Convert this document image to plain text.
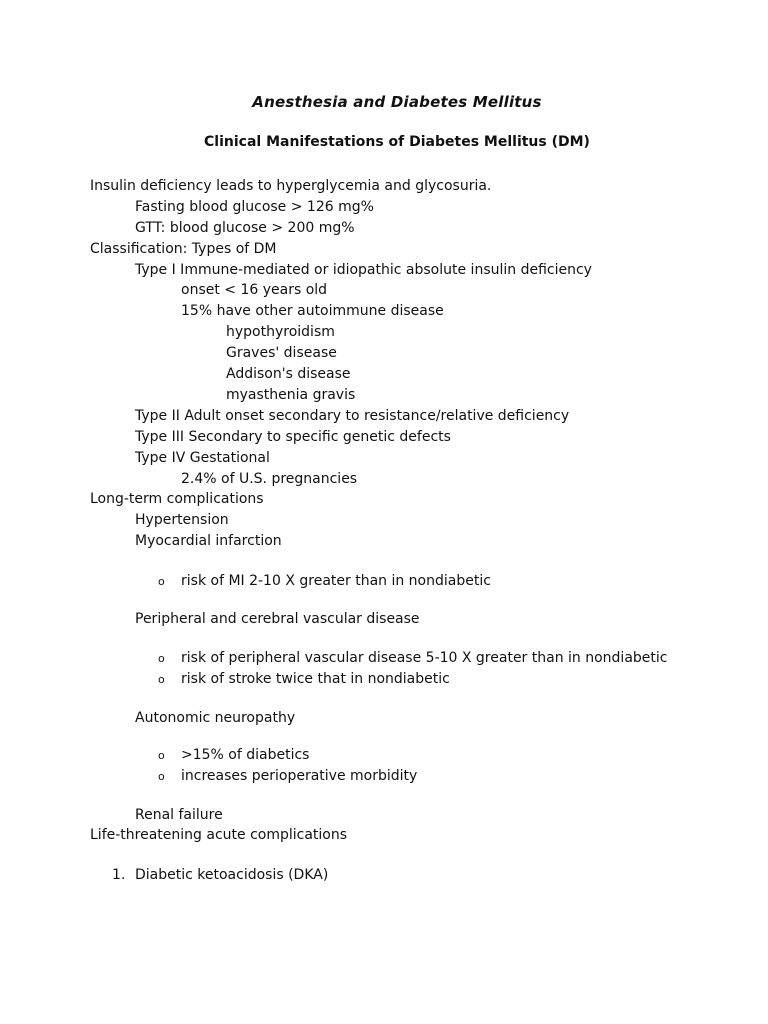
Anesthesia and Diabetes Mellitus
Clinical Manifestations of Diabetes Mellitus (DM)
Insulin deficiency leads to hyperglycemia and glycosuria.
Fasting blood glucose > 126 mg%
GTT: blood glucose > 200 mg%
Classification: Types of DM
Type I Immune-mediated or idiopathic absolute insulin deficiency
onset < 16 years old
15% have other autoimmune disease
hypothyroidism
Graves' disease
Addison's disease
myasthenia gravis
Type II Adult onset secondary to resistance/relative deficiency
Type III Secondary to specific genetic defects
Type IV Gestational
2.4% of U.S. pregnancies
Long-term complications
Hypertension
Myocardial infarction
o risk of MI 2-10 X greater than in nondiabetic
Peripheral and cerebral vascular disease
o risk of peripheral vascular disease 5-10 X greater than in nondiabetic
o risk of stroke twice that in nondiabetic
Autonomic neuropathy
o >15% of diabetics
o increases perioperative morbidity
Renal failure
Life-threatening acute complications
1. Diabetic ketoacidosis (DKA)
